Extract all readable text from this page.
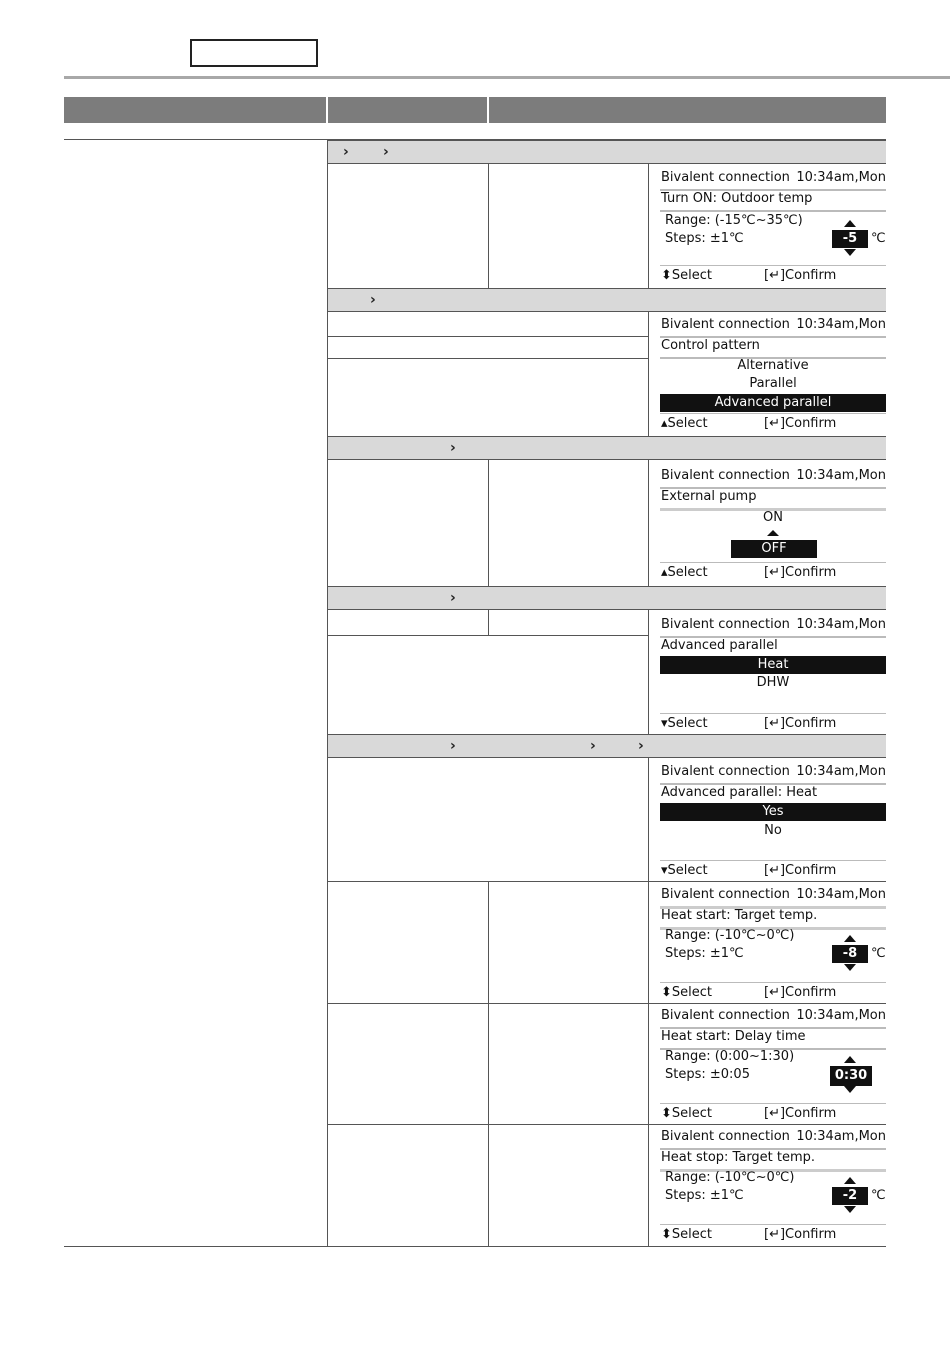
› ›
›
›
›
›	›	›
Bivalent connection 10:34am,Mon
Turn ON: Outdoor temp
Range: (-15℃~35℃)
Steps: ±1℃	-5	℃
⬍Select	[↵]Confirm
Bivalent connection 10:34am,Mon
Control pattern
Alternative
Parallel
Advanced parallel
▴Select	[↵]Confirm
Bivalent connection 10:34am,Mon
External pump
ON
OFF
▴Select	[↵]Confirm
Bivalent connection 10:34am,Mon
Advanced parallel
Heat
DHW
▾Select	[↵]Confirm
Bivalent connection 10:34am,Mon
Advanced parallel: Heat
Yes
No
▾Select	[↵]Confirm
Bivalent connection 10:34am,Mon
Heat start: Target temp.
Range: (-10℃~0℃)
Steps: ±1℃	-8	℃
⬍Select	[↵]Confirm
Bivalent connection 10:34am,Mon
Heat start: Delay time
Range: (0:00~1:30)
Steps: ±0:05	0:30
⬍Select	[↵]Confirm
Bivalent connection 10:34am,Mon
Heat stop: Target temp.
Range: (-10℃~0℃)
Steps: ±1℃	-2	℃
⬍Select	[↵]Confirm
